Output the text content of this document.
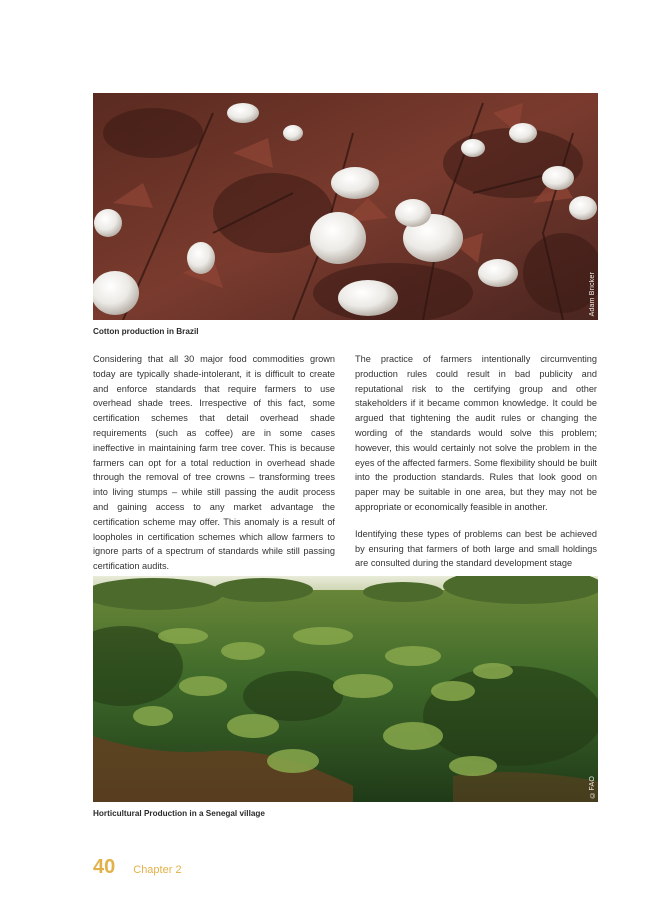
Adam Bricker
Cotton production in Brazil

Considering that all 30 major food commodities grown today are typically shade-intolerant, it is difficult to create and enforce standards that require farmers to use overhead shade trees. Irrespective of this fact, some certification schemes that detail overhead shade requirements (such as coffee) are in some cases ineffective in maintaining farm tree cover. This is because farmers can opt for a total reduction in overhead shade through the removal of tree crowns – transforming trees into living stumps – while still passing the audit process and gaining access to any market advantage the certification scheme may offer. This anomaly is a result of loopholes in certification schemes which allow farmers to ignore parts of a spectrum of standards while still passing certification audits.

The practice of farmers intentionally circumventing production rules could result in bad publicity and reputational risk to the certifying group and other stakeholders if it became common knowledge. It could be argued that tightening the audit rules or changing the wording of the standards would solve this problem; however, this would certainly not solve the problem in the eyes of the affected farmers. Some flexibility should be built into the production standards. Rules that look good on paper may be suitable in one area, but they may not be appropriate or economically feasible in another.

Identifying these types of problems can best be achieved by ensuring that farmers of both large and small holdings are consulted during the standard development stage

©FAO
Horticultural Production in a Senegal village
40 Chapter 2
